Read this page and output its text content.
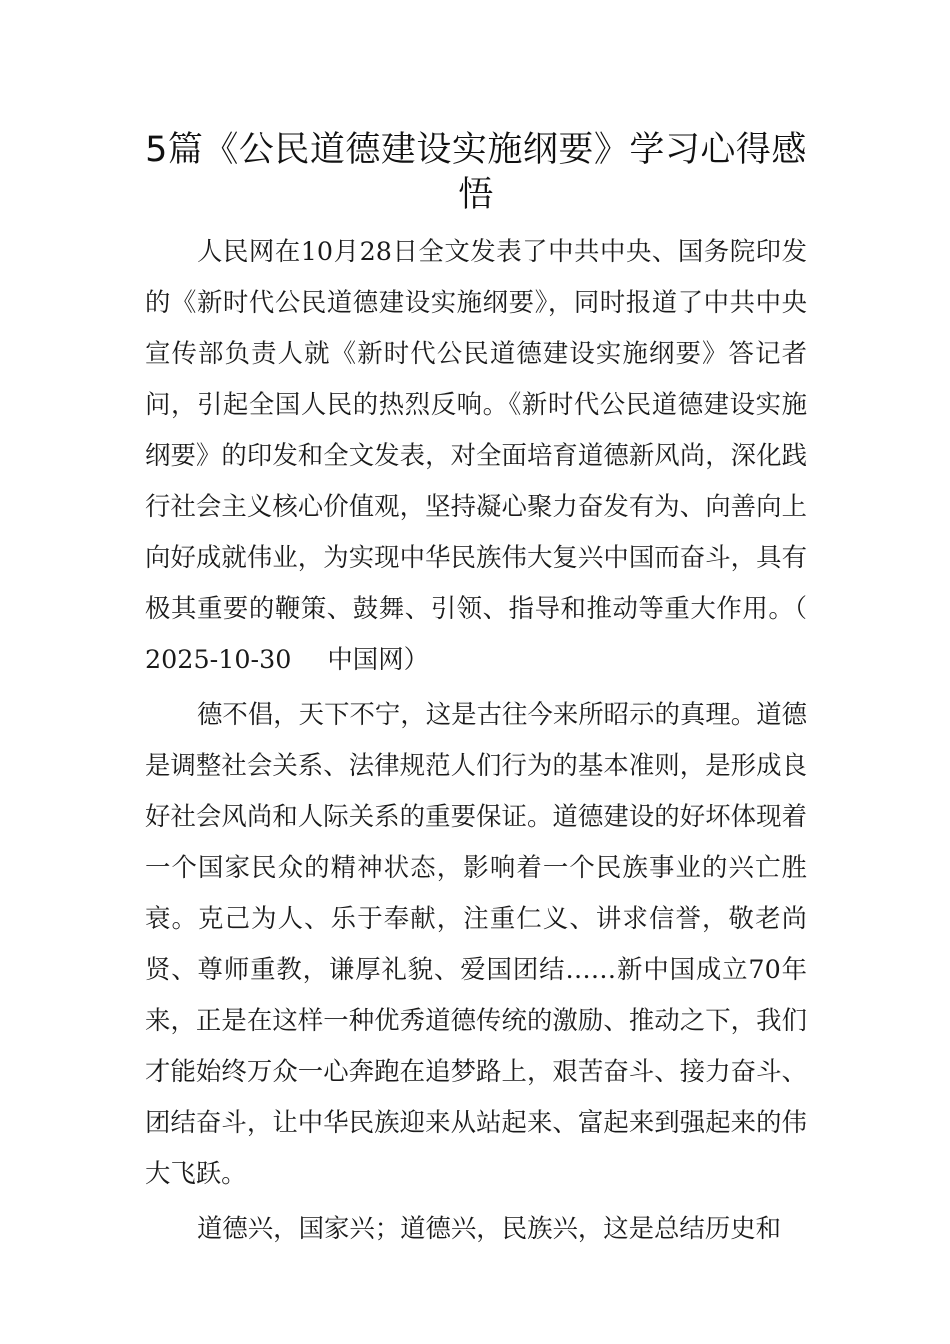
5篇《公民道德建设实施纲要》学习心得感悟

人民网在10月28日全文发表了中共中央、国务院印发的《新时代公民道德建设实施纲要》，同时报道了中共中央宣传部负责人就《新时代公民道德建设实施纲要》答记者问，引起全国人民的热烈反响。《新时代公民道德建设实施纲要》的印发和全文发表，对全面培育道德新风尚，深化践行社会主义核心价值观，坚持凝心聚力奋发有为、向善向上向好成就伟业，为实现中华民族伟大复兴中国而奋斗，具有极其重要的鞭策、鼓舞、引领、指导和推动等重大作用。（ 2025-10-30 中国网）

德不倡，天下不宁，这是古往今来所昭示的真理。道德是调整社会关系、法律规范人们行为的基本准则，是形成良好社会风尚和人际关系的重要保证。道德建设的好坏体现着一个国家民众的精神状态，影响着一个民族事业的兴亡胜衰。克己为人、乐于奉献，注重仁义、讲求信誉，敬老尚贤、尊师重教，谦厚礼貌、爱国团结……新中国成立70年来，正是在这样一种优秀道德传统的激励、推动之下，我们才能始终万众一心奔跑在追梦路上，艰苦奋斗、接力奋斗、团结奋斗，让中华民族迎来从站起来、富起来到强起来的伟大飞跃。

道德兴，国家兴；道德兴，民族兴，这是总结历史和
